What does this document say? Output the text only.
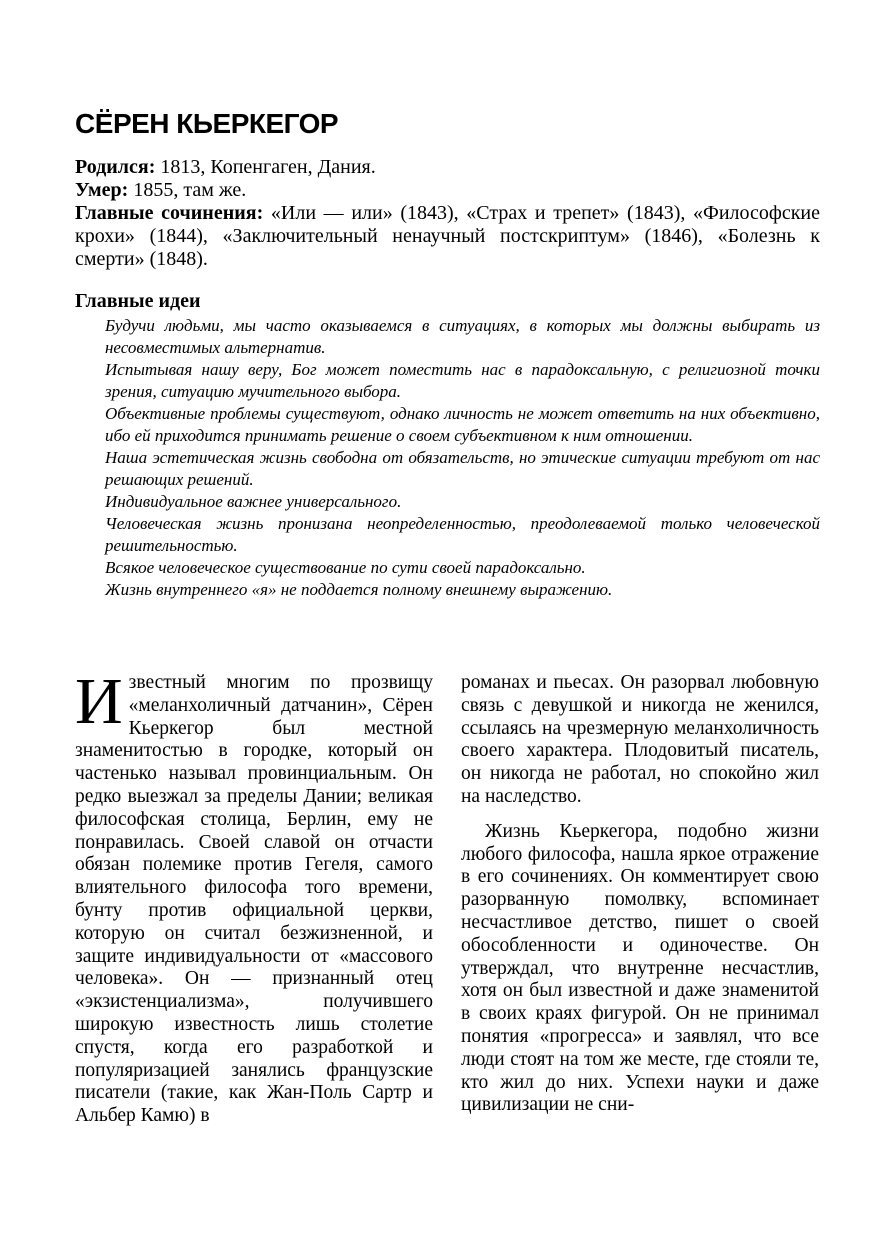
СЁРЕН КЬЕРКЕГОР
Родился: 1813, Копенгаген, Дания.
Умер: 1855, там же.
Главные сочинения: «Или — или» (1843), «Страх и трепет» (1843), «Философские крохи» (1844), «Заключительный ненаучный постскриптум» (1846), «Болезнь к смерти» (1848).
Главные идеи
Будучи людьми, мы часто оказываемся в ситуациях, в которых мы должны выбирать из несовместимых альтернатив.
Испытывая нашу веру, Бог может поместить нас в парадоксальную, с религиозной точки зрения, ситуацию мучительного выбора.
Объективные проблемы существуют, однако личность не может ответить на них объективно, ибо ей приходится принимать решение о своем субъективном к ним отношении.
Наша эстетическая жизнь свободна от обязательств, но этические ситуации требуют от нас решающих решений.
Индивидуальное важнее универсального.
Человеческая жизнь пронизана неопределенностью, преодолеваемой только человеческой решительностью.
Всякое человеческое существование по сути своей парадоксально.
Жизнь внутреннего «я» не поддается полному внешнему выражению.

Известный многим по прозвищу «меланхоличный датчанин», Сёрен Кьеркегор был местной знаменитостью в городке, который он частенько называл провинциальным. Он редко выезжал за пределы Дании; великая философская столица, Берлин, ему не понравилась. Своей славой он отчасти обязан полемике против Гегеля, самого влиятельного философа того времени, бунту против официальной церкви, которую он считал безжизненной, и защите индивидуальности от «массового человека». Он — признанный отец «экзистенциализма», получившего широкую известность лишь столетие спустя, когда его разработкой и популяризацией занялись французские писатели (такие, как Жан-Поль Сартр и Альбер Камю) в

романах и пьесах. Он разорвал любовную связь с девушкой и никогда не женился, ссылаясь на чрезмерную меланхоличность своего характера. Плодовитый писатель, он никогда не работал, но спокойно жил на наследство.

Жизнь Кьеркегора, подобно жизни любого философа, нашла яркое отражение в его сочинениях. Он комментирует свою разорванную помолвку, вспоминает несчастливое детство, пишет о своей обособленности и одиночестве. Он утверждал, что внутренне несчастлив, хотя он был известной и даже знаменитой в своих краях фигурой. Он не принимал понятия «прогресса» и заявлял, что все люди стоят на том же месте, где стояли те, кто жил до них. Успехи науки и даже цивилизации не сни-
